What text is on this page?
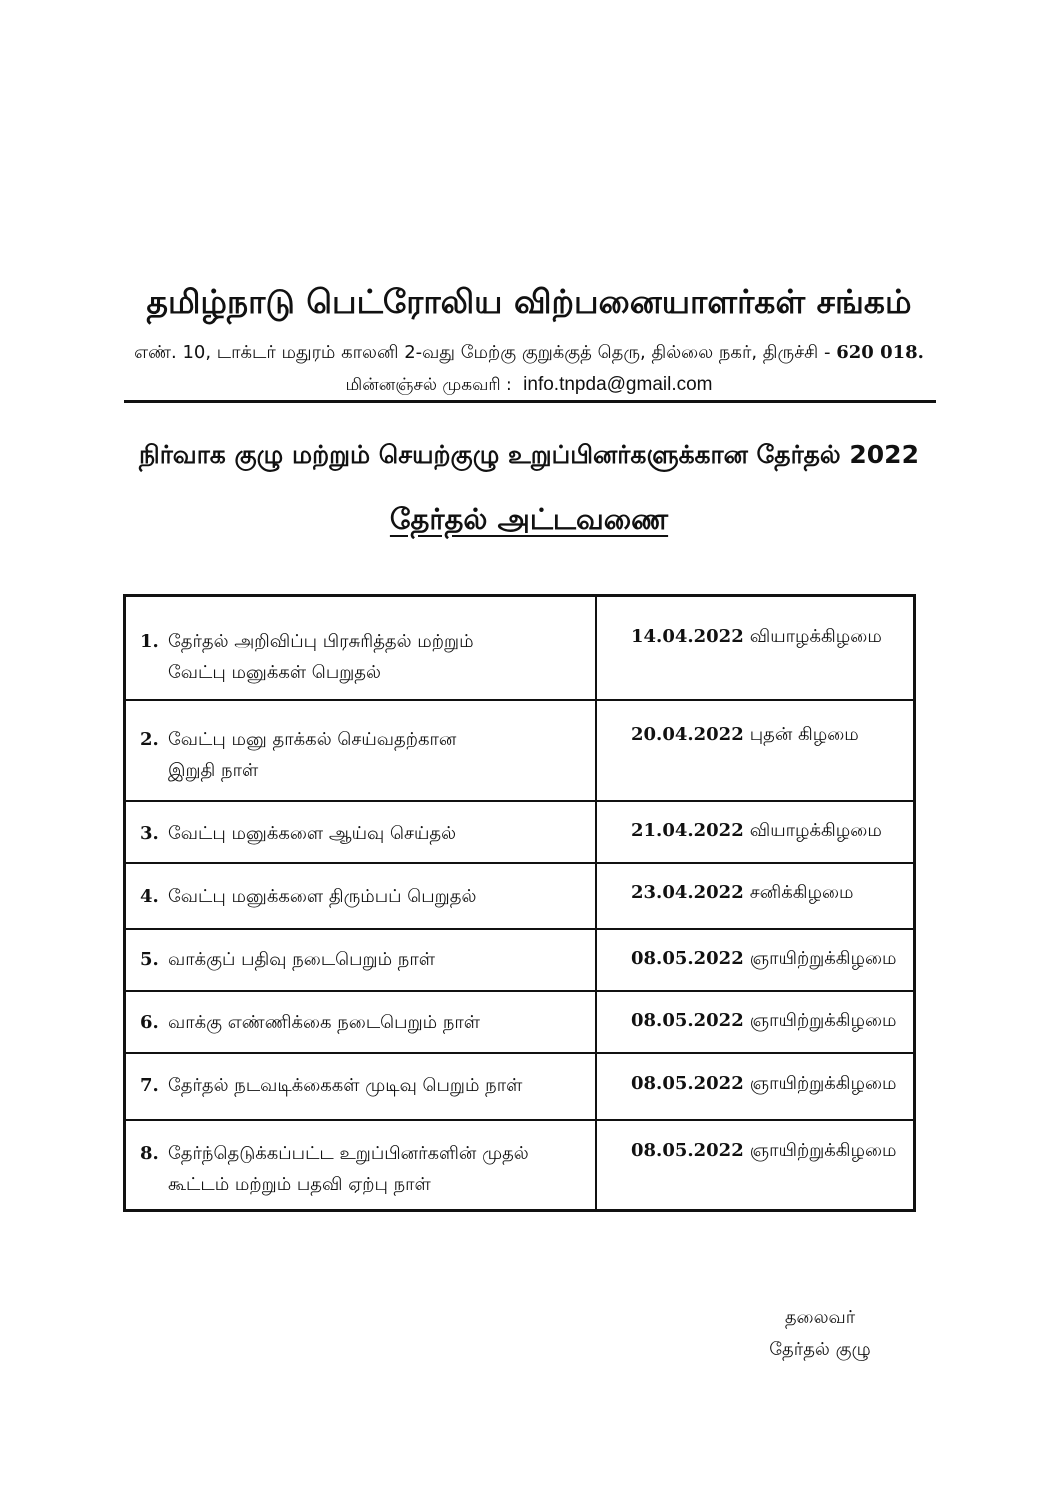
தமிழ்நாடு பெட்ரோலிய விற்பனையாளர்கள் சங்கம்
எண். 10, டாக்டர் மதுரம் காலனி 2-வது மேற்கு குறுக்குத் தெரு, தில்லை நகர், திருச்சி - 620 018.
மின்னஞ்சல் முகவரி : info.tnpda@gmail.com
நிர்வாக குழு மற்றும் செயற்குழு உறுப்பினர்களுக்கான தேர்தல் 2022
தேர்தல் அட்டவணை
1. தேர்தல் அறிவிப்பு பிரசுரித்தல் மற்றும்
வேட்பு மனுக்கள் பெறுதல்	14.04.2022 வியாழக்கிழமை

2. வேட்பு மனு தாக்கல் செய்வதற்கான
இறுதி நாள்	20.04.2022 புதன் கிழமை

3. வேட்பு மனுக்களை ஆய்வு செய்தல்	21.04.2022 வியாழக்கிழமை

4. வேட்பு மனுக்களை திரும்பப் பெறுதல்	23.04.2022 சனிக்கிழமை

5. வாக்குப் பதிவு நடைபெறும் நாள்	08.05.2022 ஞாயிற்றுக்கிழமை

6. வாக்கு எண்ணிக்கை நடைபெறும் நாள்	08.05.2022 ஞாயிற்றுக்கிழமை

7. தேர்தல் நடவடிக்கைகள் முடிவு பெறும் நாள்	08.05.2022 ஞாயிற்றுக்கிழமை

8. தேர்ந்தெடுக்கப்பட்ட உறுப்பினர்களின் முதல்
கூட்டம் மற்றும் பதவி ஏற்பு நாள்	08.05.2022 ஞாயிற்றுக்கிழமை
தலைவர்
தேர்தல் குழு
